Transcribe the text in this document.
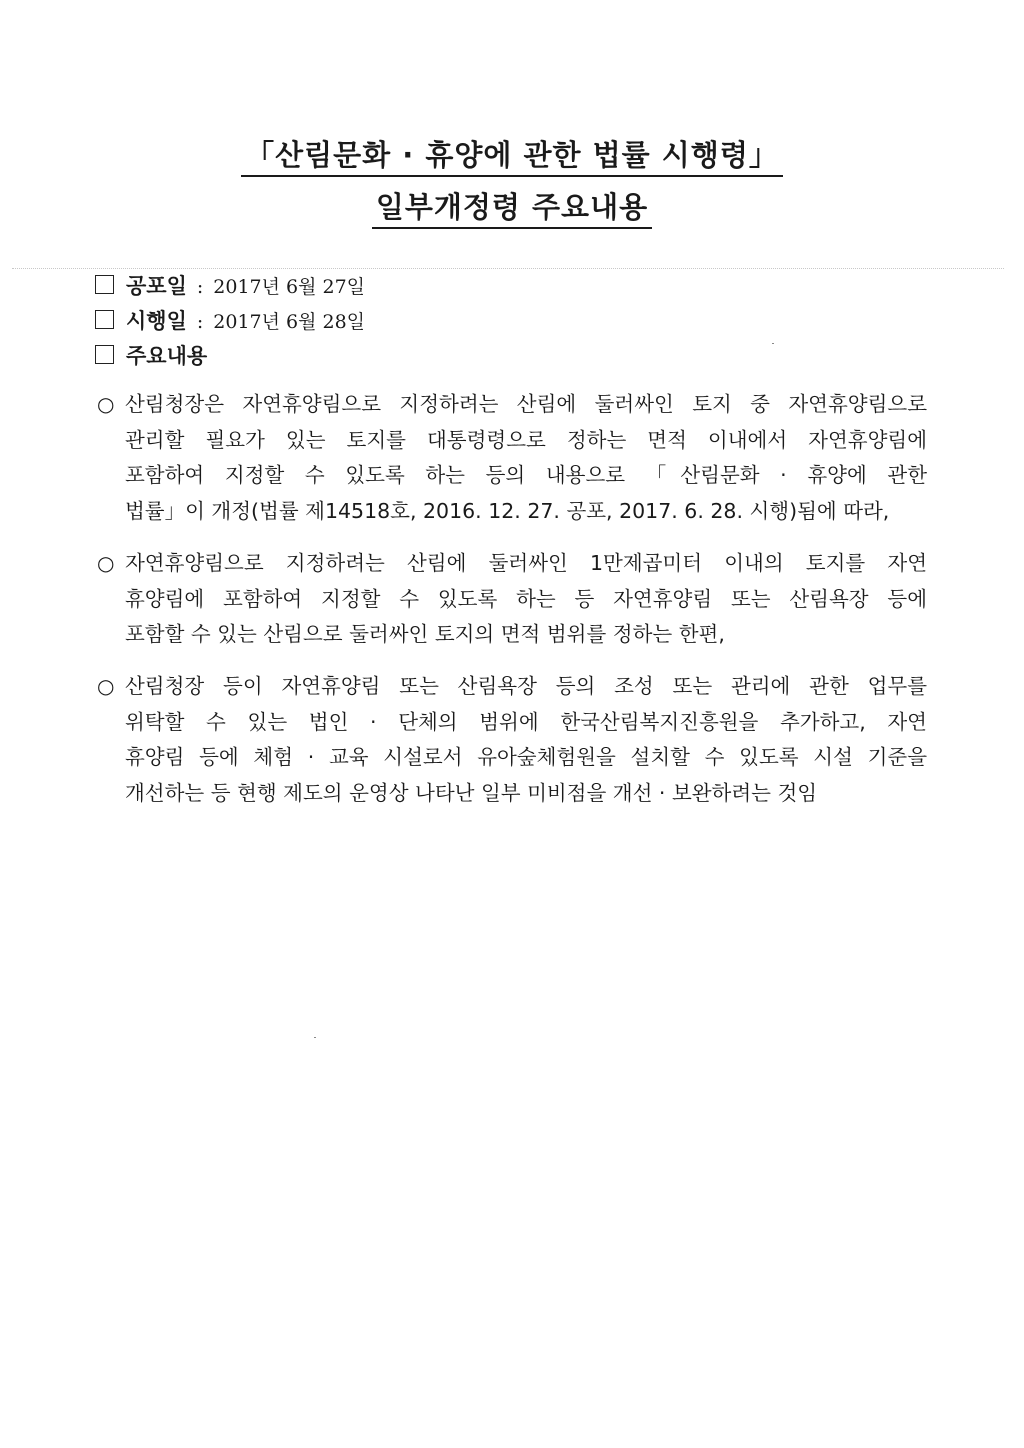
「산림문화 · 휴양에 관한 법률 시행령」
일부개정령 주요내용
공포일 : 2017년 6월 27일
시행일 : 2017년 6월 28일
주요내용
○ 산림청장은 자연휴양림으로 지정하려는 산림에 둘러싸인 토지 중 자연휴양림으로
관리할 필요가 있는 토지를 대통령령으로 정하는 면적 이내에서 자연휴양림에
포함하여 지정할 수 있도록 하는 등의 내용으로 「산림문화 · 휴양에 관한
법률」이 개정(법률 제14518호, 2016. 12. 27. 공포, 2017. 6. 28. 시행)됨에 따라,
○ 자연휴양림으로 지정하려는 산림에 둘러싸인 1만제곱미터 이내의 토지를 자연
휴양림에 포함하여 지정할 수 있도록 하는 등 자연휴양림 또는 산림욕장 등에
포함할 수 있는 산림으로 둘러싸인 토지의 면적 범위를 정하는 한편,
○ 산림청장 등이 자연휴양림 또는 산림욕장 등의 조성 또는 관리에 관한 업무를
위탁할 수 있는 법인 · 단체의 범위에 한국산림복지진흥원을 추가하고, 자연
휴양림 등에 체험 · 교육 시설로서 유아숲체험원을 설치할 수 있도록 시설 기준을
개선하는 등 현행 제도의 운영상 나타난 일부 미비점을 개선 · 보완하려는 것임
